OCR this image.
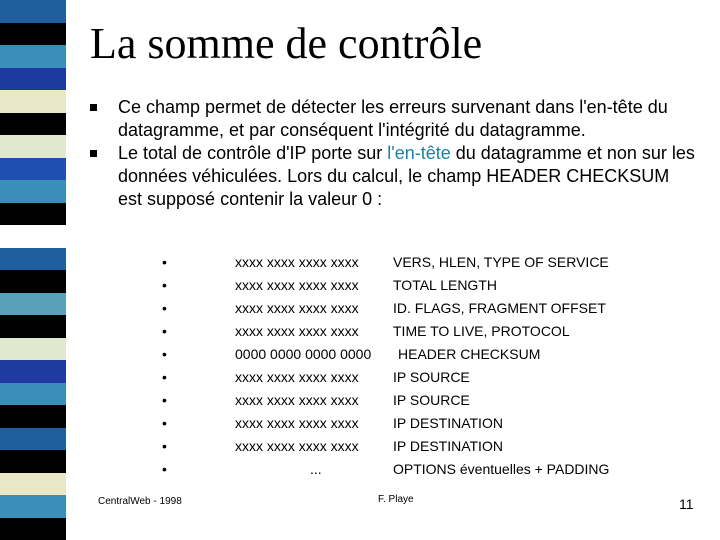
La somme de contrôle
Ce champ permet de détecter les erreurs survenant dans l'en-tête du datagramme, et par conséquent l'intégrité du datagramme.
Le total de contrôle d'IP porte sur l'en-tête du datagramme et non sur les données véhiculées. Lors du calcul, le champ HEADER CHECKSUM est supposé contenir la valeur 0 :
•	xxxx xxxx xxxx xxxx VERS, HLEN, TYPE OF SERVICE
•	xxxx xxxx xxxx xxxx TOTAL LENGTH
•	xxxx xxxx xxxx xxxx ID. FLAGS, FRAGMENT OFFSET
•	xxxx xxxx xxxx xxxx TIME TO LIVE, PROTOCOL
•	0000 0000 0000 0000 HEADER CHECKSUM
•	xxxx xxxx xxxx xxxx IP SOURCE
•	xxxx xxxx xxxx xxxx IP SOURCE
•	xxxx xxxx xxxx xxxx IP DESTINATION
•	xxxx xxxx xxxx xxxx IP DESTINATION
•	...	OPTIONS éventuelles + PADDING
CentralWeb - 1998	F. Playe	11
